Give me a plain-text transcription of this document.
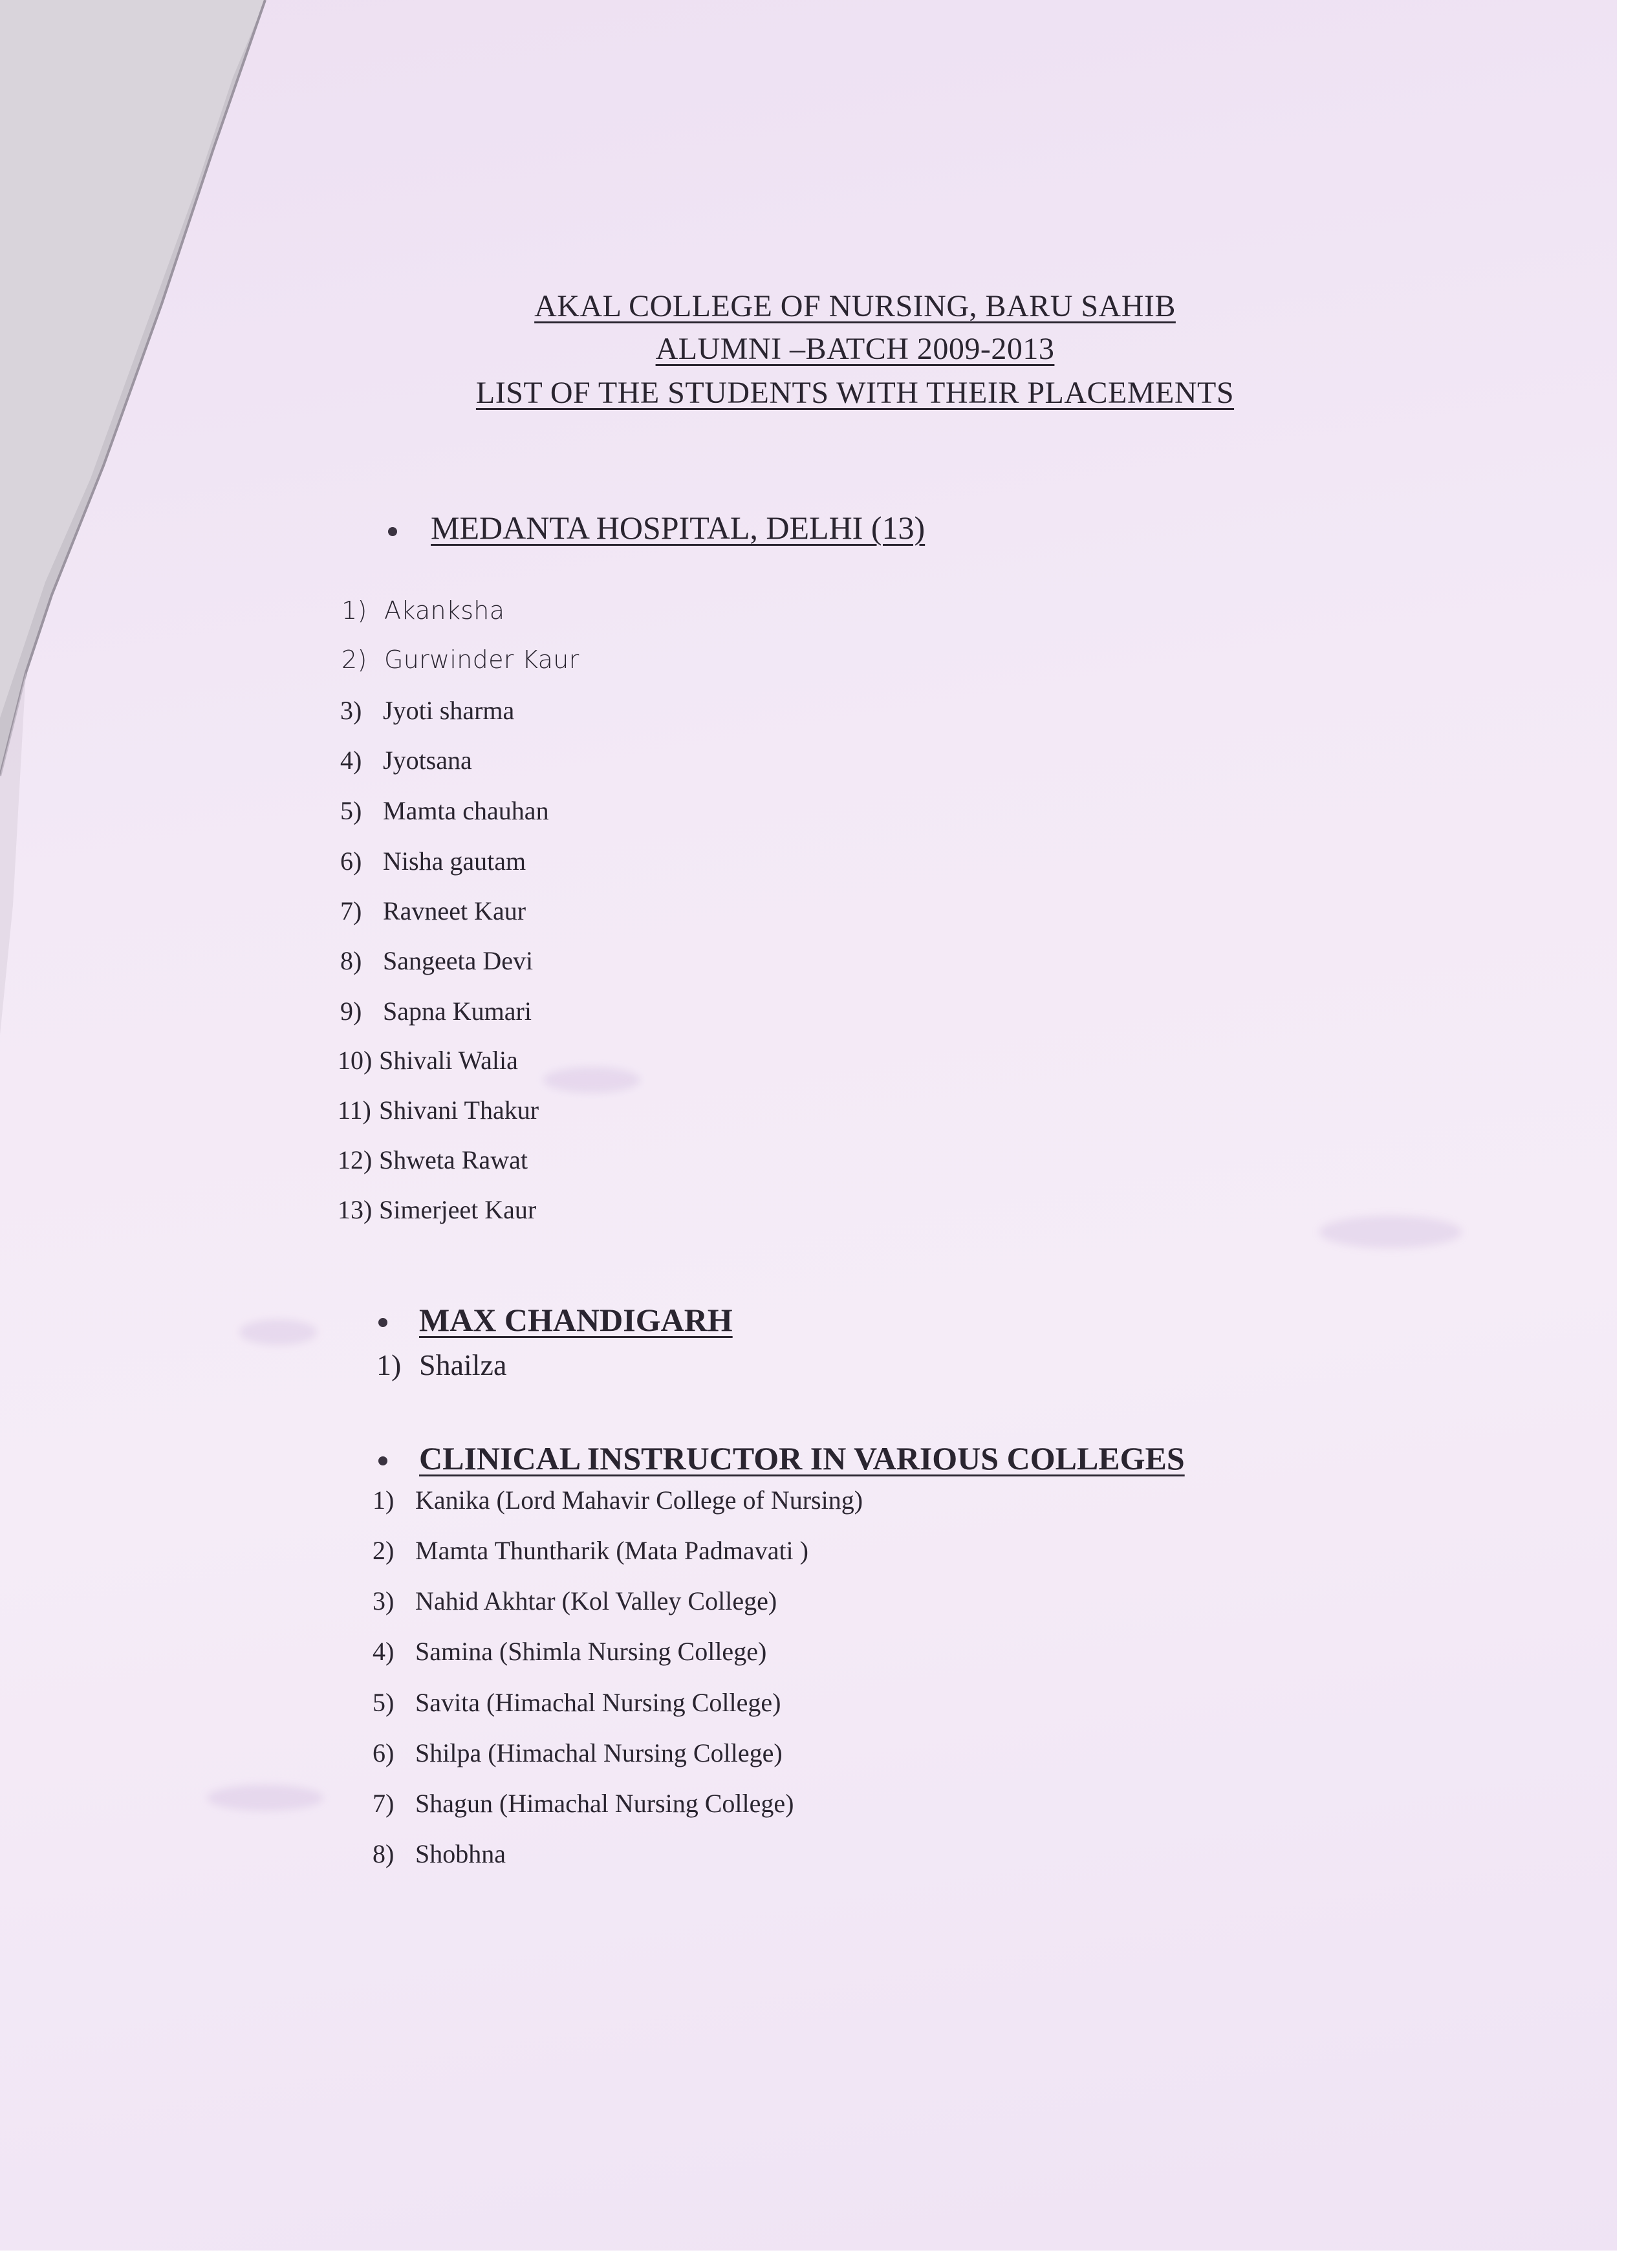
AKAL COLLEGE OF NURSING, BARU SAHIB
ALUMNI –BATCH 2009-2013
LIST OF THE STUDENTS WITH THEIR PLACEMENTS
MEDANTA HOSPITAL, DELHI (13)
1) Akanksha
2) Gurwinder Kaur
3) Jyoti sharma
4) Jyotsana
5) Mamta chauhan
6) Nisha gautam
7) Ravneet Kaur
8) Sangeeta Devi
9) Sapna Kumari
10) Shivali Walia
11) Shivani Thakur
12) Shweta Rawat
13) Simerjeet Kaur
MAX CHANDIGARH
1) Shailza
CLINICAL INSTRUCTOR IN VARIOUS COLLEGES
1) Kanika (Lord Mahavir College of Nursing)
2) Mamta Thuntharik (Mata Padmavati )
3) Nahid Akhtar (Kol Valley College)
4) Samina (Shimla Nursing College)
5) Savita (Himachal Nursing College)
6) Shilpa (Himachal Nursing College)
7) Shagun (Himachal Nursing College)
8) Shobhna
